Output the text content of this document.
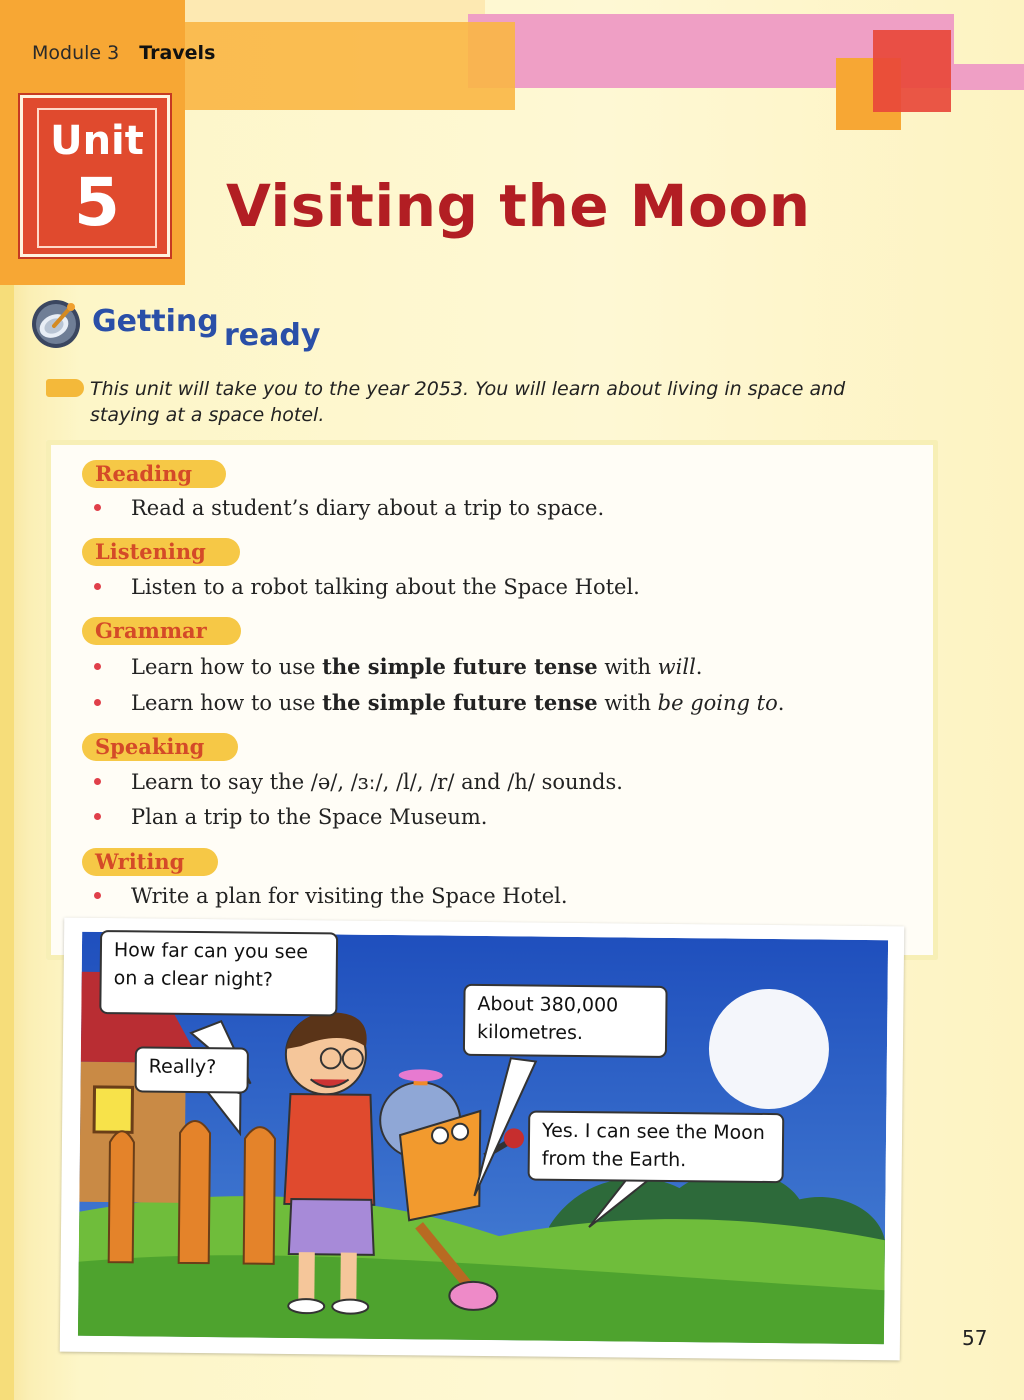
Module 3 Travels
Unit
5	Visiting the Moon
Getting ready
This unit will take you to the year 2053. You will learn about living in space and
staying at a space hotel.
Reading
Read a student’s diary about a trip to space.
Listening
Listen to a robot talking about the Space Hotel.
Grammar
Learn how to use the simple future tense with will.
Learn how to use the simple future tense with be going to.
Speaking
Learn to say the /ə/, /ɜː/, /l/, /r/ and /h/ sounds.
Plan a trip to the Space Museum.
Writing
Write a plan for visiting the Space Hotel.
How far can you see on a clear night?
About 380,000 kilometres.
Really?
Yes. I can see the Moon from the Earth.
57
